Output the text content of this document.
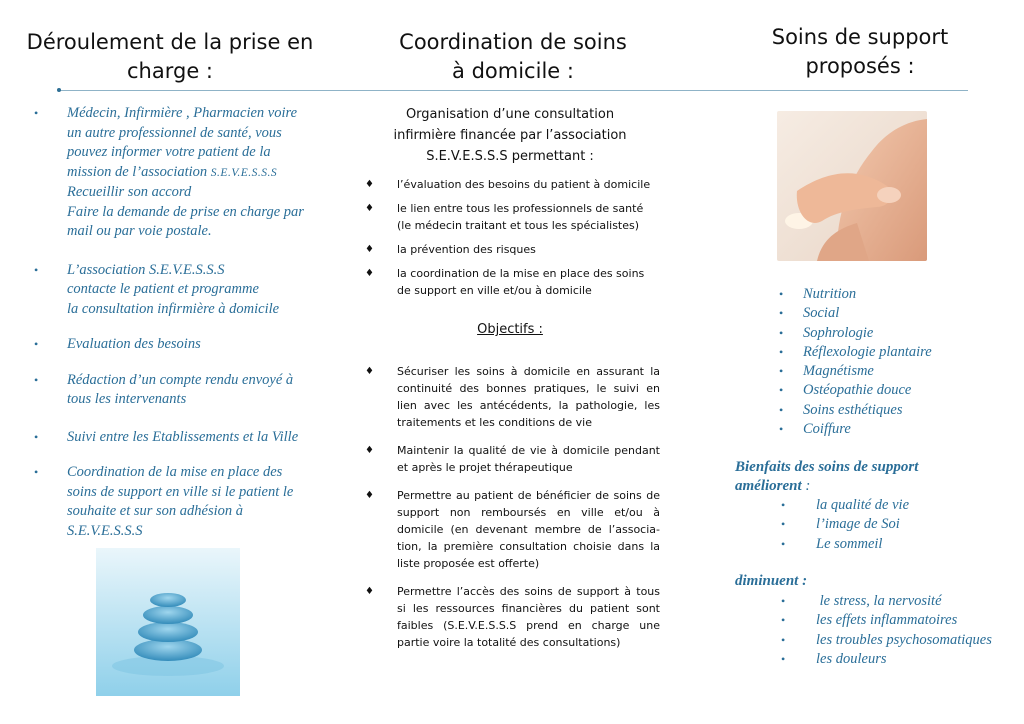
Déroulement de la prise en
charge :
Coordination de soins
à domicile :
Soins de support
proposés :
• Médecin, Infirmière , Pharmacien voire
un autre professionnel de santé, vous
pouvez informer votre patient de la
mission de l’association S.E.V.E.S.S.S
Recueillir son accord
Faire la demande de prise en charge par
mail ou par voie postale.
• L’association S.E.V.E.S.S.S
contacte le patient et programme
la consultation infirmière à domicile
• Evaluation des besoins
• Rédaction d’un compte rendu envoyé à
tous les intervenants
• Suivi entre les Etablissements et la Ville
• Coordination de la mise en place des
soins de support en ville si le patient le
souhaite et sur son adhésion à
S.E.V.E.S.S.S
Organisation d’une consultation
infirmière financée par l’association
S.E.V.E.S.S.S permettant :
♦ l’évaluation des besoins du patient à domicile
♦ le lien entre tous les professionnels de santé (le médecin traitant et tous les spécialistes)
♦ la prévention des risques
♦ la coordination de la mise en place des soins de support en ville et/ou à domicile
Objectifs :
♦ Sécuriser les soins à domicile en assurant la continuité des bonnes pratiques, le suivi en lien avec les antécédents, la pathologie, les traitements et les conditions de vie
♦ Maintenir la qualité de vie à domicile pendant et après le projet thérapeutique
♦ Permettre au patient de bénéficier de soins de support non remboursés en ville et/ou à domicile (en devenant membre de l’associa-tion, la première consultation choisie dans la liste proposée est offerte)
♦ Permettre l’accès des soins de support à tous si les ressources financières du patient sont faibles (S.E.V.E.S.S.S prend en charge une partie voire la totalité des consultations)
• Nutrition
• Social
• Sophrologie
• Réflexologie plantaire
• Magnétisme
• Ostéopathie douce
• Soins esthétiques
• Coiffure
Bienfaits des soins de support
améliorent :
• la qualité de vie
• l’image de Soi
• Le sommeil
diminuent :
• le stress, la nervosité
• les effets inflammatoires
• les troubles psychosomatiques
• les douleurs
